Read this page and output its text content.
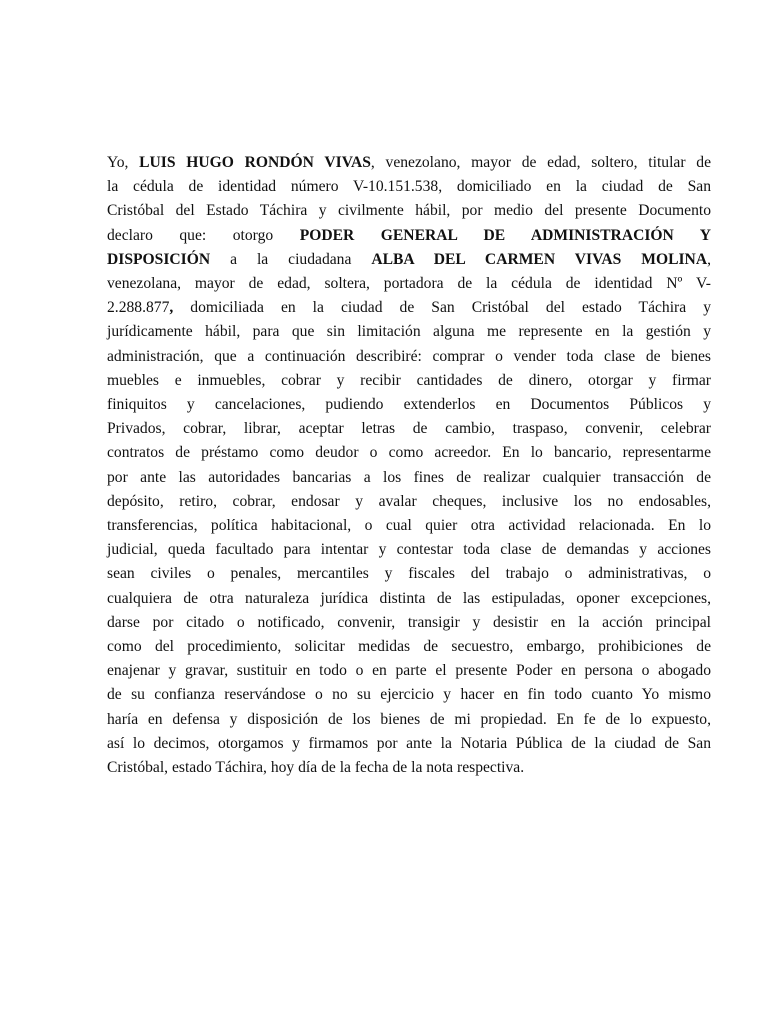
Yo, LUIS HUGO RONDÓN VIVAS, venezolano, mayor de edad, soltero, titular de
la cédula de identidad número V-10.151.538, domiciliado en la ciudad de San
Cristóbal del Estado Táchira y civilmente hábil, por medio del presente Documento
declaro que: otorgo PODER GENERAL DE ADMINISTRACIÓN Y
DISPOSICIÓN a la ciudadana ALBA DEL CARMEN VIVAS MOLINA,
venezolana, mayor de edad, soltera, portadora de la cédula de identidad Nº V-
2.288.877, domiciliada en la ciudad de San Cristóbal del estado Táchira y
jurídicamente hábil, para que sin limitación alguna me represente en la gestión y
administración, que a continuación describiré: comprar o vender toda clase de bienes
muebles e inmuebles, cobrar y recibir cantidades de dinero, otorgar y firmar
finiquitos y cancelaciones, pudiendo extenderlos en Documentos Públicos y
Privados, cobrar, librar, aceptar letras de cambio, traspaso, convenir, celebrar
contratos de préstamo como deudor o como acreedor. En lo bancario, representarme
por ante las autoridades bancarias a los fines de realizar cualquier transacción de
depósito, retiro, cobrar, endosar y avalar cheques, inclusive los no endosables,
transferencias, política habitacional, o cual quier otra actividad relacionada. En lo
judicial, queda facultado para intentar y contestar toda clase de demandas y acciones
sean civiles o penales, mercantiles y fiscales del trabajo o administrativas, o
cualquiera de otra naturaleza jurídica distinta de las estipuladas, oponer excepciones,
darse por citado o notificado, convenir, transigir y desistir en la acción principal
como del procedimiento, solicitar medidas de secuestro, embargo, prohibiciones de
enajenar y gravar, sustituir en todo o en parte el presente Poder en persona o abogado
de su confianza reservándose o no su ejercicio y hacer en fin todo cuanto Yo mismo
haría en defensa y disposición de los bienes de mi propiedad. En fe de lo expuesto,
así lo decimos, otorgamos y firmamos por ante la Notaria Pública de la ciudad de San
Cristóbal, estado Táchira, hoy día de la fecha de la nota respectiva.
